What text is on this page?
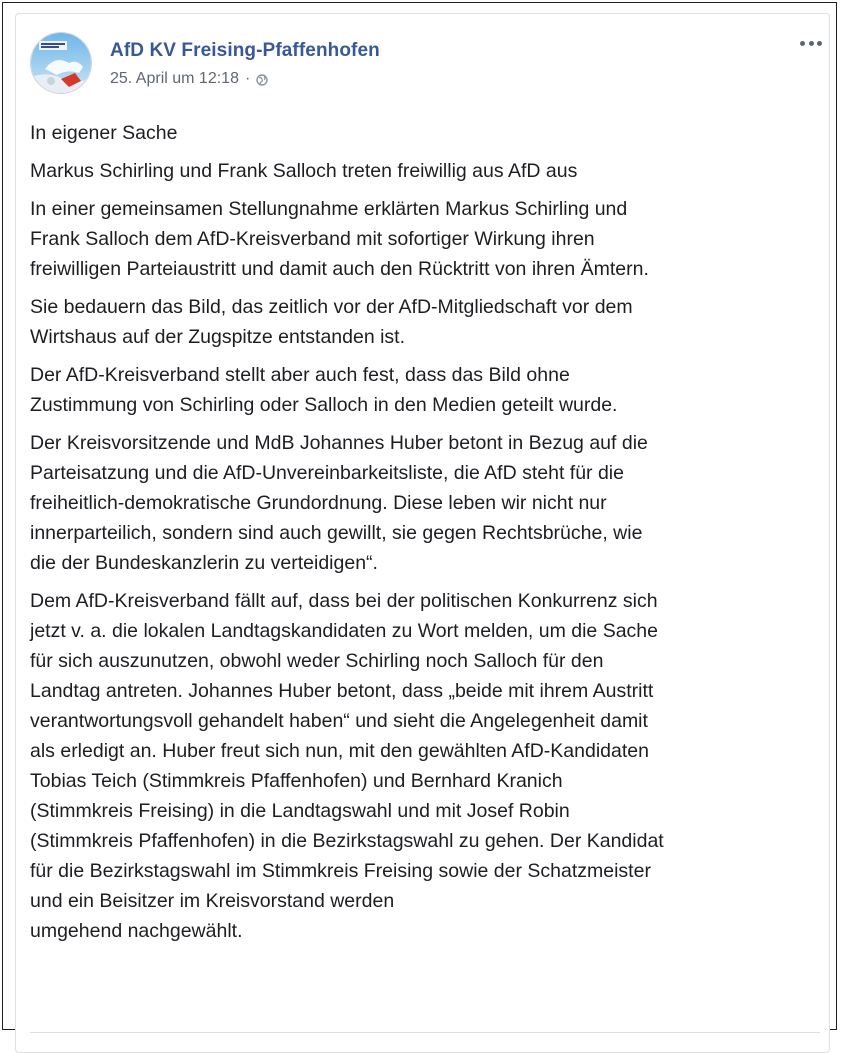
AfD KV Freising-Pfaffenhofen
25. April um 12:18 ·

In eigener Sache

Markus Schirling und Frank Salloch treten freiwillig aus AfD aus

In einer gemeinsamen Stellungnahme erklärten Markus Schirling und
Frank Salloch dem AfD-Kreisverband mit sofortiger Wirkung ihren
freiwilligen Parteiaustritt und damit auch den Rücktritt von ihren Ämtern.

Sie bedauern das Bild, das zeitlich vor der AfD-Mitgliedschaft vor dem
Wirtshaus auf der Zugspitze entstanden ist.

Der AfD-Kreisverband stellt aber auch fest, dass das Bild ohne
Zustimmung von Schirling oder Salloch in den Medien geteilt wurde.

Der Kreisvorsitzende und MdB Johannes Huber betont in Bezug auf die
Parteisatzung und die AfD-Unvereinbarkeitsliste, die AfD steht für die
freiheitlich-demokratische Grundordnung. Diese leben wir nicht nur
innerparteilich, sondern sind auch gewillt, sie gegen Rechtsbrüche, wie
die der Bundeskanzlerin zu verteidigen“.

Dem AfD-Kreisverband fällt auf, dass bei der politischen Konkurrenz sich
jetzt v. a. die lokalen Landtagskandidaten zu Wort melden, um die Sache
für sich auszunutzen, obwohl weder Schirling noch Salloch für den
Landtag antreten. Johannes Huber betont, dass „beide mit ihrem Austritt
verantwortungsvoll gehandelt haben“ und sieht die Angelegenheit damit
als erledigt an. Huber freut sich nun, mit den gewählten AfD-Kandidaten
Tobias Teich (Stimmkreis Pfaffenhofen) und Bernhard Kranich
(Stimmkreis Freising) in die Landtagswahl und mit Josef Robin
(Stimmkreis Pfaffenhofen) in die Bezirkstagswahl zu gehen. Der Kandidat
für die Bezirkstagswahl im Stimmkreis Freising sowie der Schatzmeister
und ein Beisitzer im Kreisvorstand werden
umgehend nachgewählt.
